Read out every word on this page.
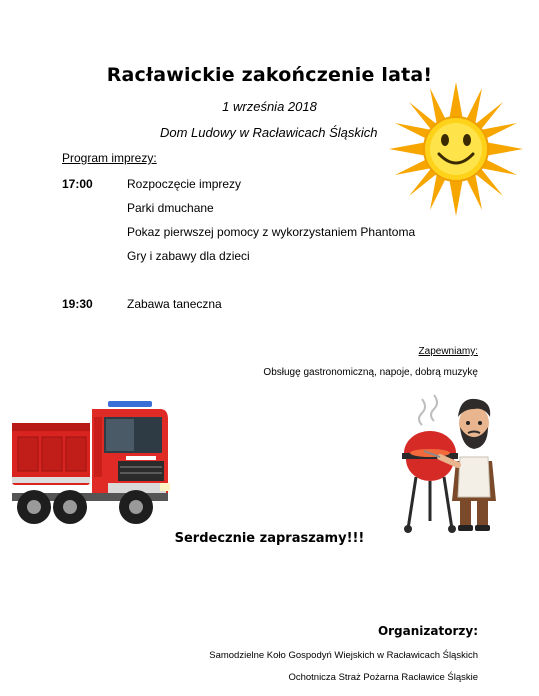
Racławickie zakończenie lata!
1 września 2018
Dom Ludowy w Racławicach Śląskich
Program imprezy:
17:00	Rozpoczęcie imprezy
Parki dmuchane
Pokaz pierwszej pomocy z wykorzystaniem Phantoma
Gry i zabawy dla dzieci
19:30	Zabawa taneczna
Zapewniamy:
Obsługę gastronomiczną, napoje, dobrą muzykę
Serdecznie zapraszamy!!!
Organizatorzy:
Samodzielne Koło Gospodyń Wiejskich w Racławicach Śląskich
Ochotnicza Straż Pożarna Racławice Śląskie
